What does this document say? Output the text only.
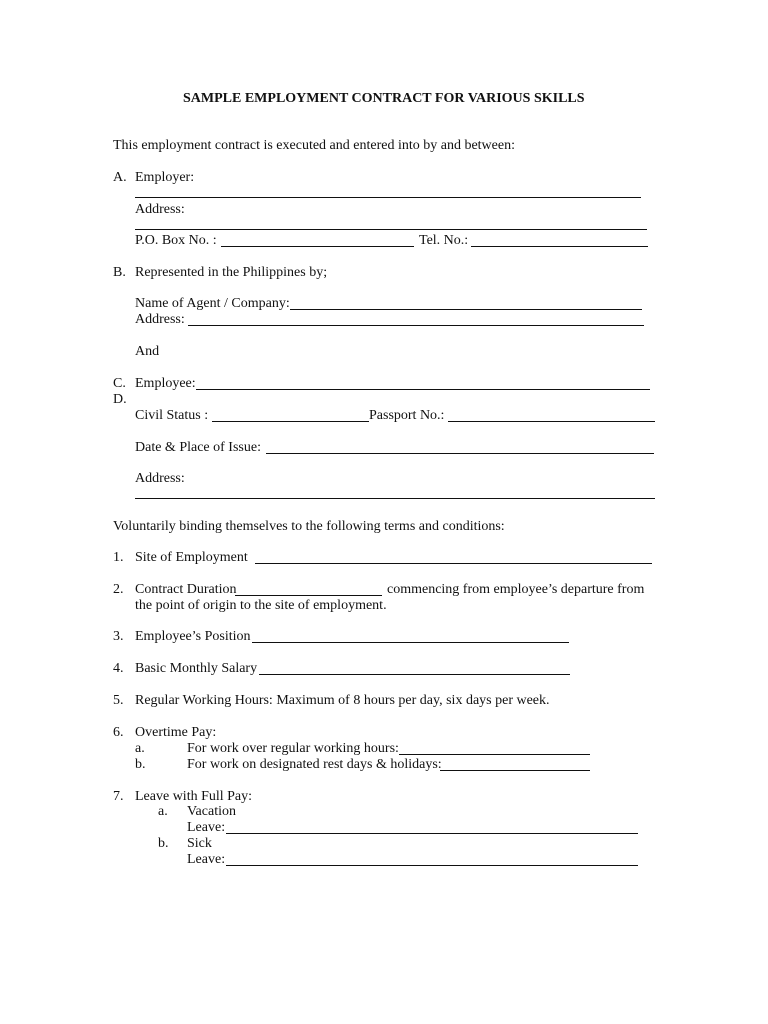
SAMPLE EMPLOYMENT CONTRACT FOR VARIOUS SKILLS
This employment contract is executed and entered into by and between:
A. Employer:
Address:
P.O. Box No. :	Tel. No.:
B. Represented in the Philippines by;
Name of Agent / Company:
Address:
And
C. Employee:
D.
Civil Status :	Passport No.:
Date & Place of Issue:
Address:
Voluntarily binding themselves to the following terms and conditions:
1. Site of Employment
2. Contract Duration	commencing from employee’s departure from
the point of origin to the site of employment.
3. Employee’s Position
4. Basic Monthly Salary
5. Regular Working Hours: Maximum of 8 hours per day, six days per week.
6. Overtime Pay:
a.	For work over regular working hours:
b.	For work on designated rest days & holidays:
7. Leave with Full Pay:
a. Vacation
Leave:
b. Sick
Leave:
